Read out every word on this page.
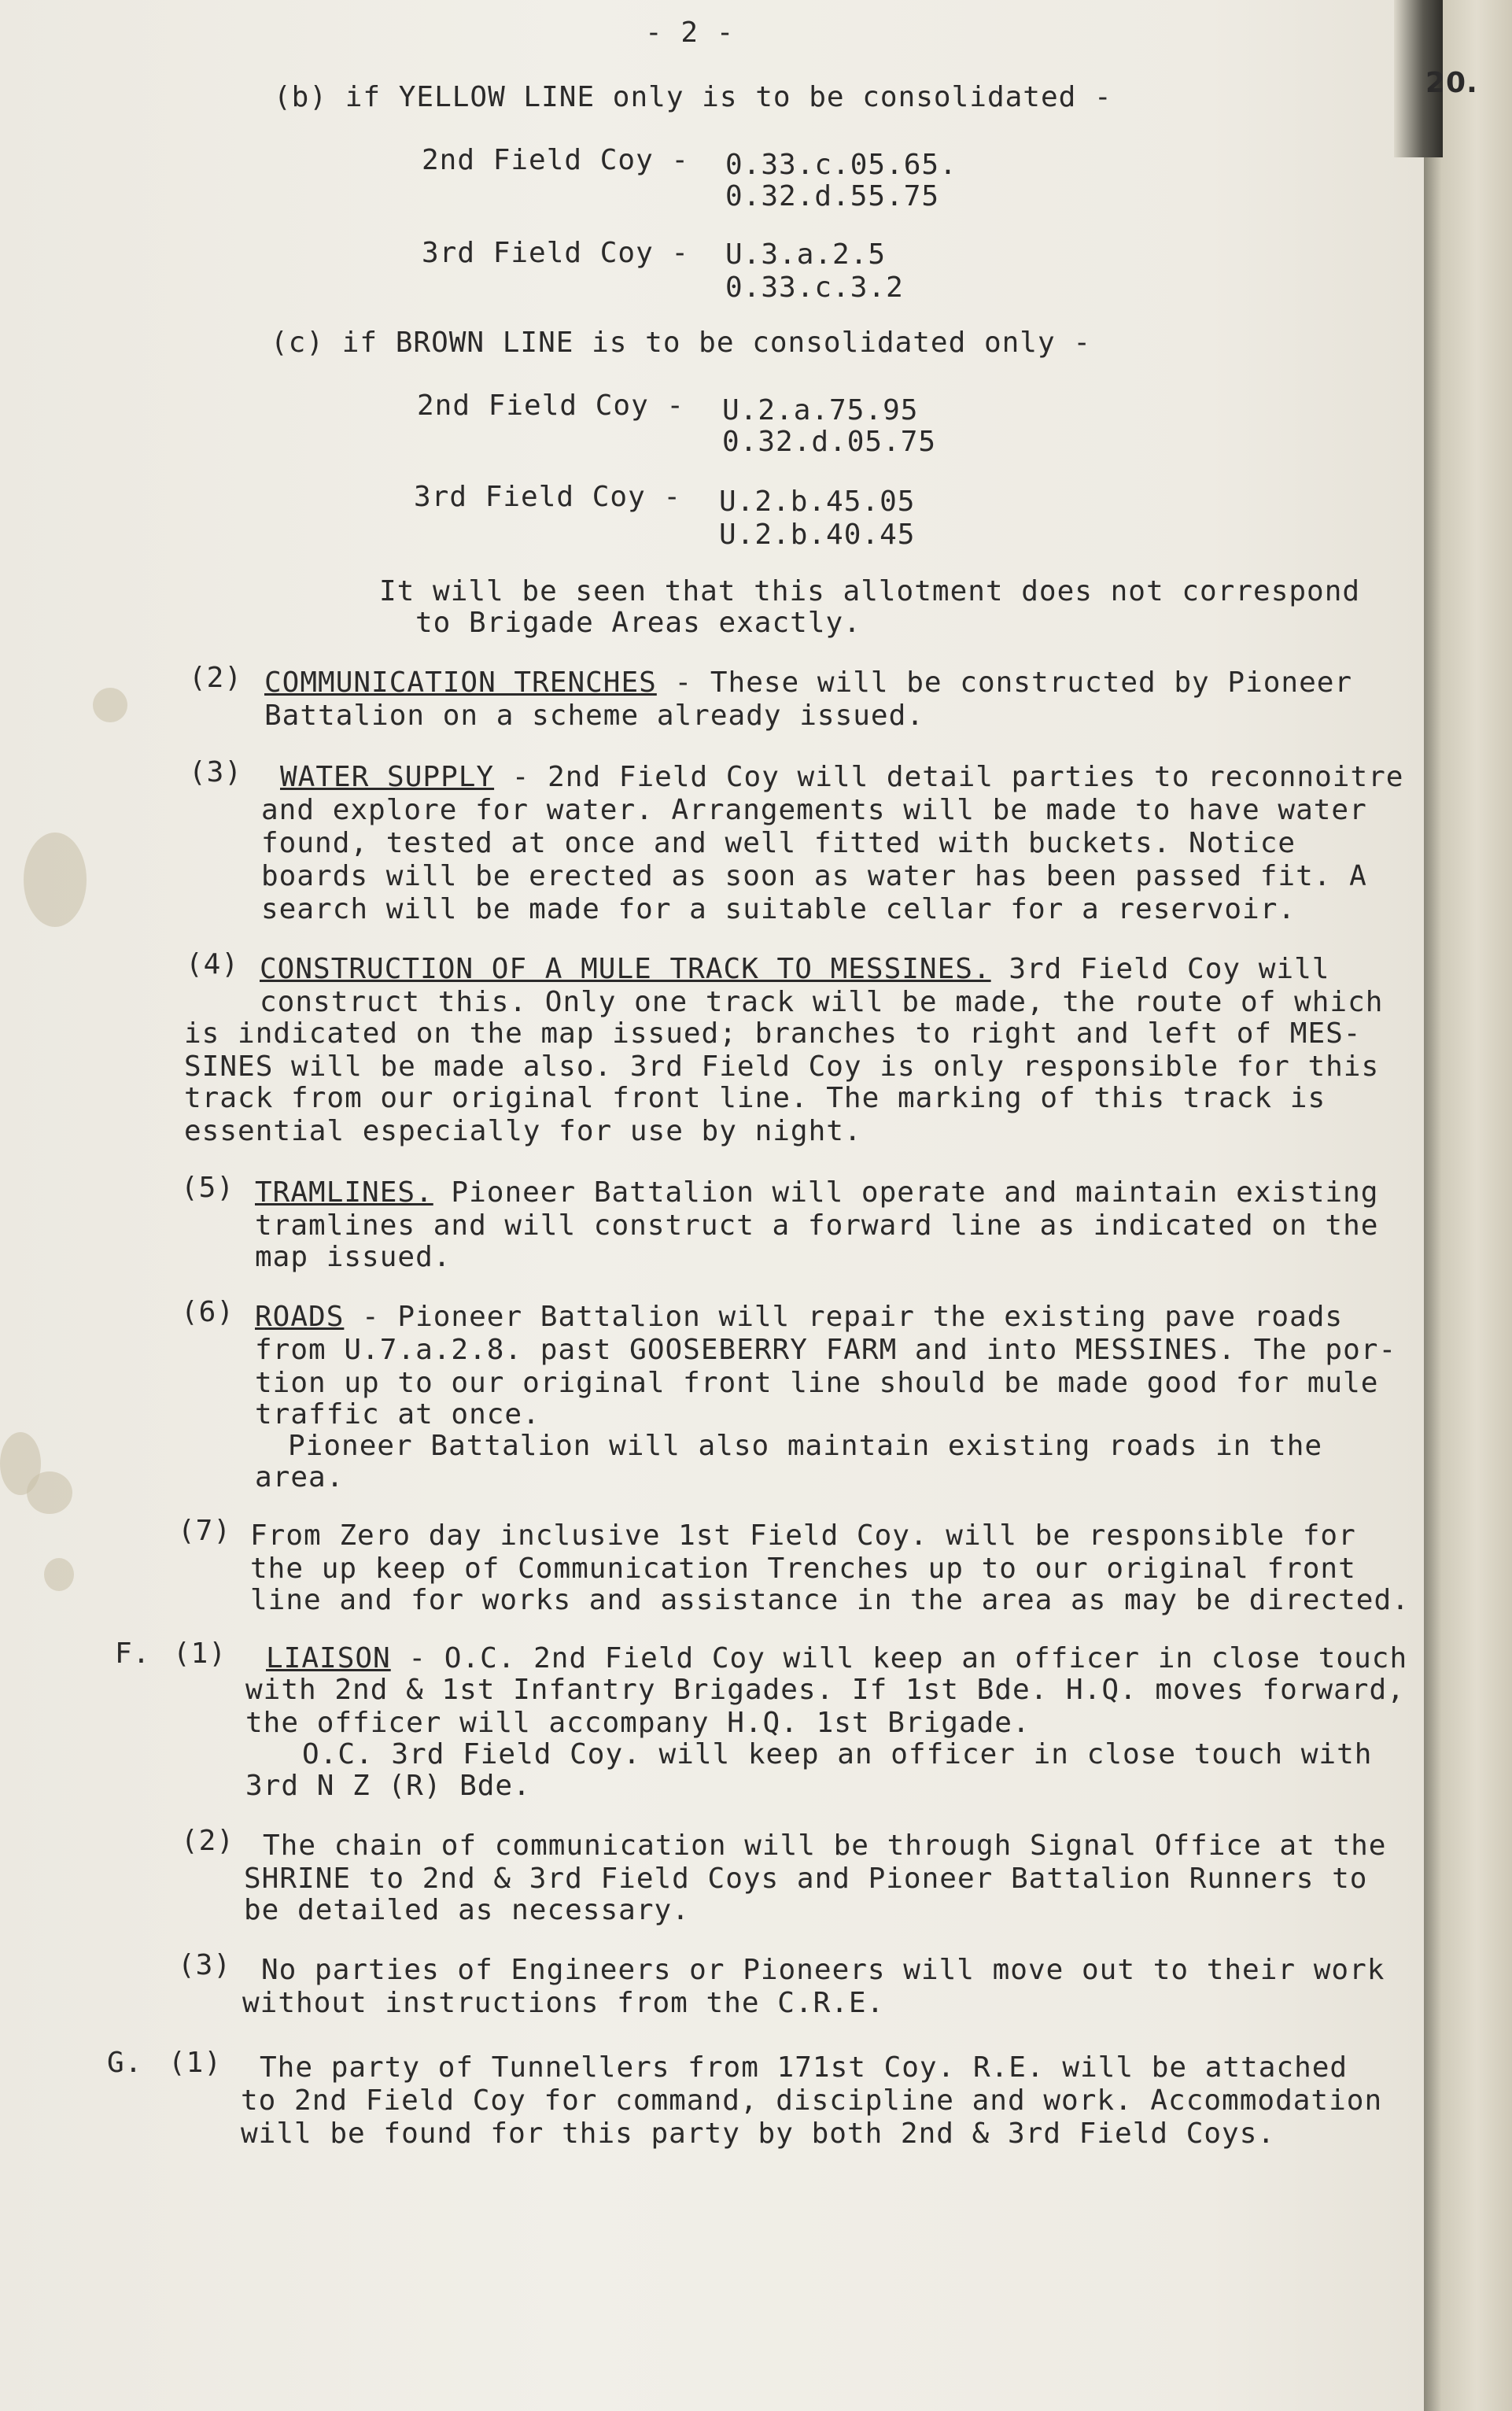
- 2 -
20.
(b) if YELLOW LINE only is to be consolidated -
2nd Field Coy - 0.33.c.05.65.
0.32.d.55.75
3rd Field Coy - U.3.a.2.5
0.33.c.3.2
(c) if BROWN LINE is to be consolidated only -
2nd Field Coy - U.2.a.75.95
0.32.d.05.75
3rd Field Coy - U.2.b.45.05
U.2.b.40.45
It will be seen that this allotment does not correspond
to Brigade Areas exactly.
(2) COMMUNICATION TRENCHES - These will be constructed by Pioneer
Battalion on a scheme already issued.
(3) WATER SUPPLY - 2nd Field Coy will detail parties to reconnoitre
and explore for water. Arrangements will be made to have water
found, tested at once and well fitted with buckets. Notice
boards will be erected as soon as water has been passed fit. A
search will be made for a suitable cellar for a reservoir.
(4) CONSTRUCTION OF A MULE TRACK TO MESSINES. 3rd Field Coy will
construct this. Only one track will be made, the route of which
is indicated on the map issued; branches to right and left of MES-
SINES will be made also. 3rd Field Coy is only responsible for this
track from our original front line. The marking of this track is
essential especially for use by night.
(5) TRAMLINES. Pioneer Battalion will operate and maintain existing
tramlines and will construct a forward line as indicated on the
map issued.
(6) ROADS - Pioneer Battalion will repair the existing pave roads
from U.7.a.2.8. past GOOSEBERRY FARM and into MESSINES. The por-
tion up to our original front line should be made good for mule
traffic at once.
Pioneer Battalion will also maintain existing roads in the
area.
(7) From Zero day inclusive 1st Field Coy. will be responsible for
the up keep of Communication Trenches up to our original front
line and for works and assistance in the area as may be directed.
F. (1) LIAISON - O.C. 2nd Field Coy will keep an officer in close touch
with 2nd & 1st Infantry Brigades. If 1st Bde. H.Q. moves forward,
the officer will accompany H.Q. 1st Brigade.
O.C. 3rd Field Coy. will keep an officer in close touch with
3rd N Z (R) Bde.
(2) The chain of communication will be through Signal Office at the
SHRINE to 2nd & 3rd Field Coys and Pioneer Battalion Runners to
be detailed as necessary.
(3) No parties of Engineers or Pioneers will move out to their work
without instructions from the C.R.E.
G. (1) The party of Tunnellers from 171st Coy. R.E. will be attached
to 2nd Field Coy for command, discipline and work. Accommodation
will be found for this party by both 2nd & 3rd Field Coys.
